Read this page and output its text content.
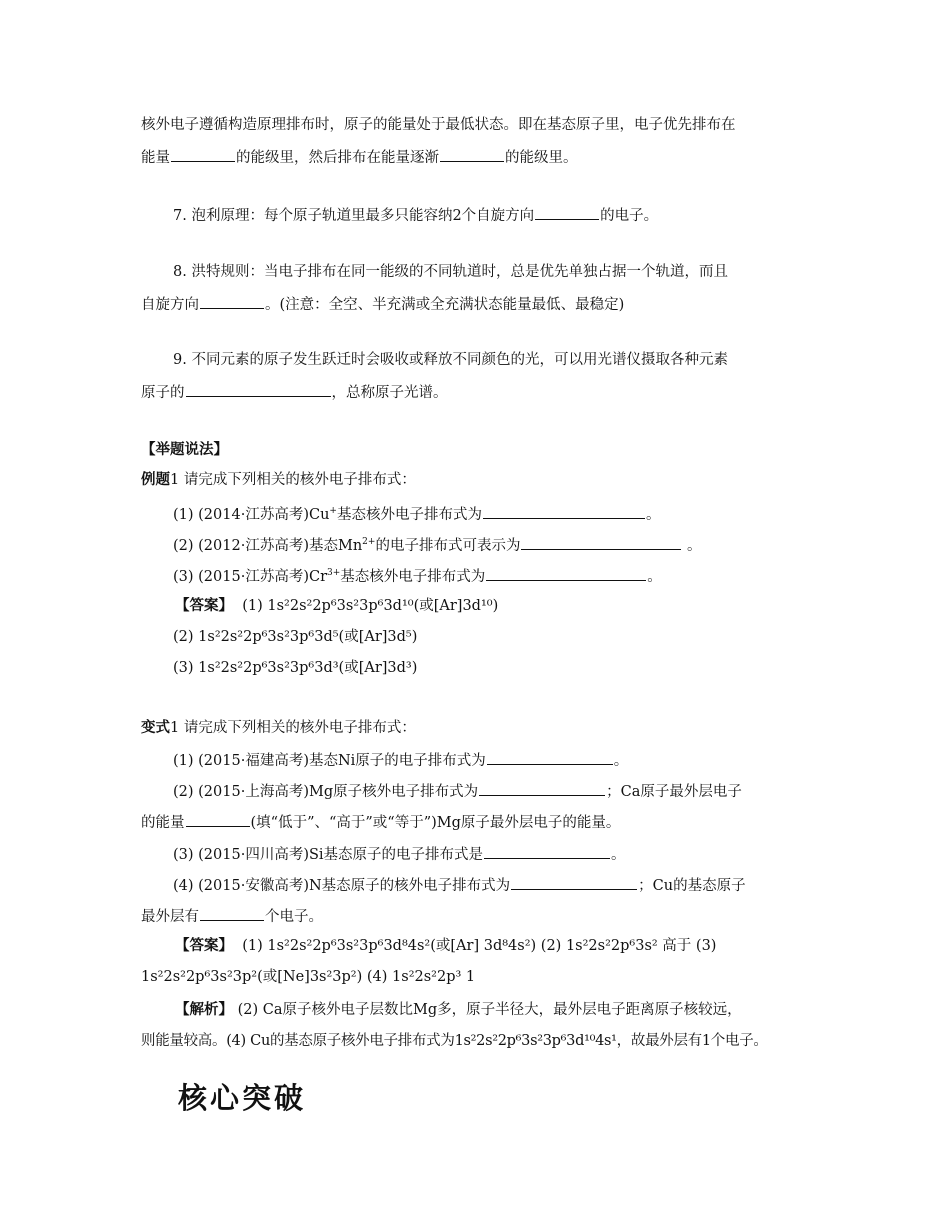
核外电子遵循构造原理排布时，原子的能量处于最低状态。即在基态原子里，电子优先排布在
能量	的能级里，然后排布在能量逐渐	的能级里。
7. 泡利原理：每个原子轨道里最多只能容纳2个自旋方向	的电子。
8. 洪特规则：当电子排布在同一能级的不同轨道时，总是优先单独占据一个轨道，而且
自旋方向	。(注意：全空、半充满或全充满状态能量最低、最稳定)
9. 不同元素的原子发生跃迁时会吸收或释放不同颜色的光，可以用光谱仪摄取各种元素
原子的	，总称原子光谱。
【举题说法】
例题1 请完成下列相关的核外电子排布式：
(1) (2014·江苏高考)Cu+基态核外电子排布式为	。
(2) (2012·江苏高考)基态$Mn^{2+}$的电子排布式可表示为	。
(3) (2015·江苏高考)$Cr^{3+}$基态核外电子排布式为	。
【答案】 (1) 1s²2s²2p⁶3s²3p⁶3d¹⁰(或[Ar]3d¹⁰)
(2) 1s²2s²2p⁶3s²3p⁶3d⁵(或[Ar]3d⁵)
(3) 1s²2s²2p⁶3s²3p⁶3d³(或[Ar]3d³)
变式1 请完成下列相关的核外电子排布式：
(1) (2015·福建高考)基态Ni原子的电子排布式为	。
(2) (2015·上海高考)Mg原子核外电子排布式为	；Ca原子最外层电子
的能量	(填“低于”、“高于”或“等于”)Mg原子最外层电子的能量。
(3) (2015·四川高考)Si基态原子的电子排布式是	。
(4) (2015·安徽高考)N基态原子的核外电子排布式为	；Cu的基态原子
最外层有	个电子。
【答案】 (1) 1s²2s²2p⁶3s²3p⁶3d⁸4s²(或[Ar] 3d⁸4s²) (2) 1s²2s²2p⁶3s² 高于 (3)
1s²2s²2p⁶3s²3p²(或[Ne]3s²3p²) (4) 1s²2s²2p³ 1
【解析】 (2) Ca原子核外电子层数比Mg多，原子半径大，最外层电子距离原子核较远，
则能量较高。(4) Cu的基态原子核外电子排布式为1s²2s²2p⁶3s²3p⁶3d¹⁰4s¹，故最外层有1个电子。
核心突破
